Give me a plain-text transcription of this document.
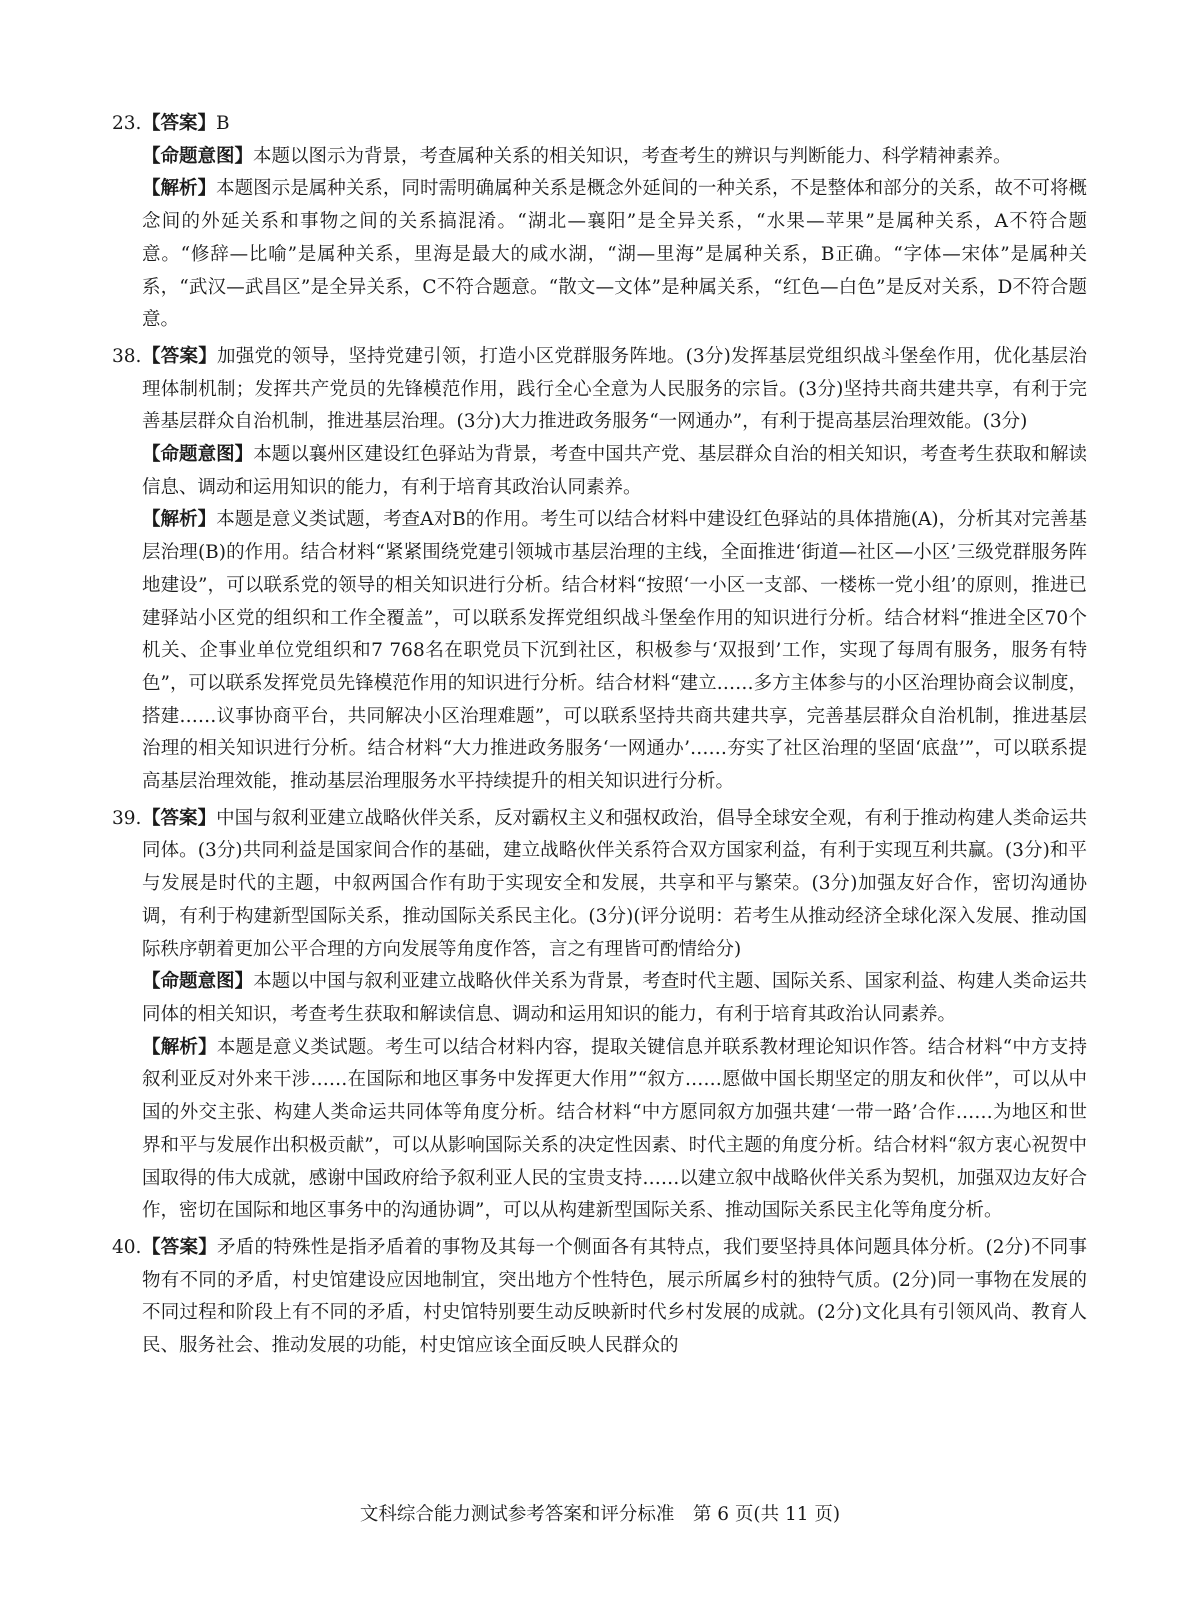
23. 【答案】B

【命题意图】本题以图示为背景，考查属种关系的相关知识，考查考生的辨识与判断能力、科学精神素养。

【解析】本题图示是属种关系，同时需明确属种关系是概念外延间的一种关系，不是整体和部分的关系，故不可将概念间的外延关系和事物之间的关系搞混淆。“湖北—襄阳”是全异关系，“水果—苹果”是属种关系，A不符合题意。“修辞—比喻”是属种关系，里海是最大的咸水湖，“湖—里海”是属种关系，B正确。“字体—宋体”是属种关系，“武汉—武昌区”是全异关系，C不符合题意。“散文—文体”是种属关系，“红色—白色”是反对关系，D不符合题意。

38. 【答案】加强党的领导，坚持党建引领，打造小区党群服务阵地。(3分)发挥基层党组织战斗堡垒作用，优化基层治理体制机制；发挥共产党员的先锋模范作用，践行全心全意为人民服务的宗旨。(3分)坚持共商共建共享，有利于完善基层群众自治机制，推进基层治理。(3分)大力推进政务服务“一网通办”，有利于提高基层治理效能。(3分)

【命题意图】本题以襄州区建设红色驿站为背景，考查中国共产党、基层群众自治的相关知识，考查考生获取和解读信息、调动和运用知识的能力，有利于培育其政治认同素养。

【解析】本题是意义类试题，考查A对B的作用。考生可以结合材料中建设红色驿站的具体措施(A)，分析其对完善基层治理(B)的作用。结合材料“紧紧围绕党建引领城市基层治理的主线，全面推进‘街道—社区—小区’三级党群服务阵地建设”，可以联系党的领导的相关知识进行分析。结合材料“按照‘一小区一支部、一楼栋一党小组’的原则，推进已建驿站小区党的组织和工作全覆盖”，可以联系发挥党组织战斗堡垒作用的知识进行分析。结合材料“推进全区70个机关、企事业单位党组织和7 768名在职党员下沉到社区，积极参与‘双报到’工作，实现了每周有服务，服务有特色”，可以联系发挥党员先锋模范作用的知识进行分析。结合材料“建立……多方主体参与的小区治理协商会议制度，搭建……议事协商平台，共同解决小区治理难题”，可以联系坚持共商共建共享，完善基层群众自治机制，推进基层治理的相关知识进行分析。结合材料“大力推进政务服务‘一网通办’……夯实了社区治理的坚固‘底盘’”，可以联系提高基层治理效能，推动基层治理服务水平持续提升的相关知识进行分析。

39. 【答案】中国与叙利亚建立战略伙伴关系，反对霸权主义和强权政治，倡导全球安全观，有利于推动构建人类命运共同体。(3分)共同利益是国家间合作的基础，建立战略伙伴关系符合双方国家利益，有利于实现互利共赢。(3分)和平与发展是时代的主题，中叙两国合作有助于实现安全和发展，共享和平与繁荣。(3分)加强友好合作，密切沟通协调，有利于构建新型国际关系，推动国际关系民主化。(3分)(评分说明：若考生从推动经济全球化深入发展、推动国际秩序朝着更加公平合理的方向发展等角度作答，言之有理皆可酌情给分)

【命题意图】本题以中国与叙利亚建立战略伙伴关系为背景，考查时代主题、国际关系、国家利益、构建人类命运共同体的相关知识，考查考生获取和解读信息、调动和运用知识的能力，有利于培育其政治认同素养。

【解析】本题是意义类试题。考生可以结合材料内容，提取关键信息并联系教材理论知识作答。结合材料“中方支持叙利亚反对外来干涉……在国际和地区事务中发挥更大作用”“叙方……愿做中国长期坚定的朋友和伙伴”，可以从中国的外交主张、构建人类命运共同体等角度分析。结合材料“中方愿同叙方加强共建‘一带一路’合作……为地区和世界和平与发展作出积极贡献”，可以从影响国际关系的决定性因素、时代主题的角度分析。结合材料“叙方衷心祝贺中国取得的伟大成就，感谢中国政府给予叙利亚人民的宝贵支持……以建立叙中战略伙伴关系为契机，加强双边友好合作，密切在国际和地区事务中的沟通协调”，可以从构建新型国际关系、推动国际关系民主化等角度分析。

40. 【答案】矛盾的特殊性是指矛盾着的事物及其每一个侧面各有其特点，我们要坚持具体问题具体分析。(2分)不同事物有不同的矛盾，村史馆建设应因地制宜，突出地方个性特色，展示所属乡村的独特气质。(2分)同一事物在发展的不同过程和阶段上有不同的矛盾，村史馆特别要生动反映新时代乡村发展的成就。(2分)文化具有引领风尚、教育人民、服务社会、推动发展的功能，村史馆应该全面反映人民群众的

文科综合能力测试参考答案和评分标准　第 6 页(共 11 页)
